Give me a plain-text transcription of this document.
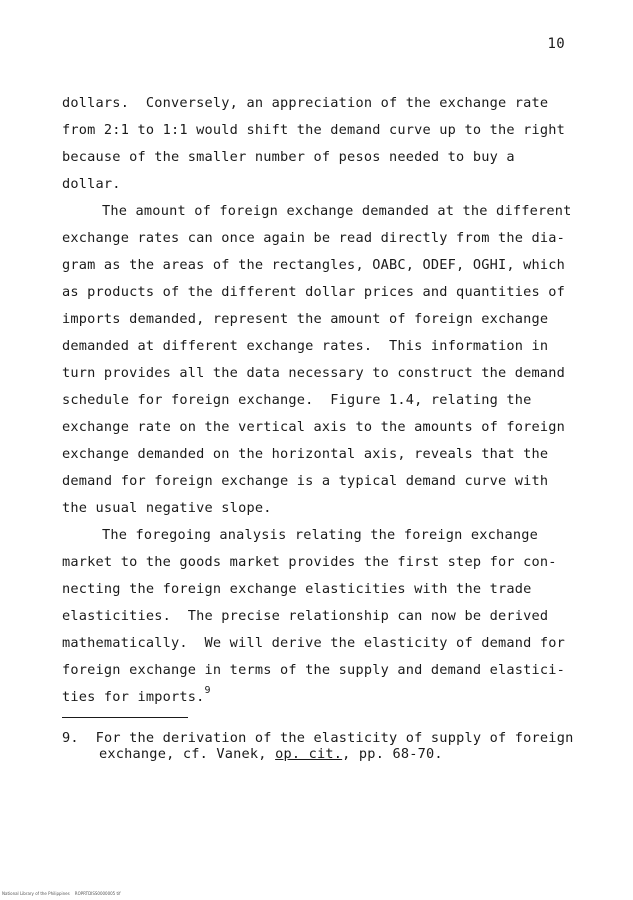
10
dollars.  Conversely, an appreciation of the exchange rate
from 2:1 to 1:1 would shift the demand curve up to the right
because of the smaller number of pesos needed to buy a
dollar.
The amount of foreign exchange demanded at the different
exchange rates can once again be read directly from the dia-
gram as the areas of the rectangles, OABC, ODEF, OGHI, which
as products of the different dollar prices and quantities of
imports demanded, represent the amount of foreign exchange
demanded at different exchange rates.  This information in
turn provides all the data necessary to construct the demand
schedule for foreign exchange.  Figure 1.4, relating the
exchange rate on the vertical axis to the amounts of foreign
exchange demanded on the horizontal axis, reveals that the
demand for foreign exchange is a typical demand curve with
the usual negative slope.
The foregoing analysis relating the foreign exchange
market to the goods market provides the first step for con-
necting the foreign exchange elasticities with the trade
elasticities.  The precise relationship can now be derived
mathematically.  We will derive the elasticity of demand for
foreign exchange in terms of the supply and demand elastici-
ties for imports.$^9$
9. For the derivation of the elasticity of supply of foreign
exchange, cf. Vanek, op. cit., pp. 68-70.
National Library of the Philippines    ROPRTDISS0000005 tif
